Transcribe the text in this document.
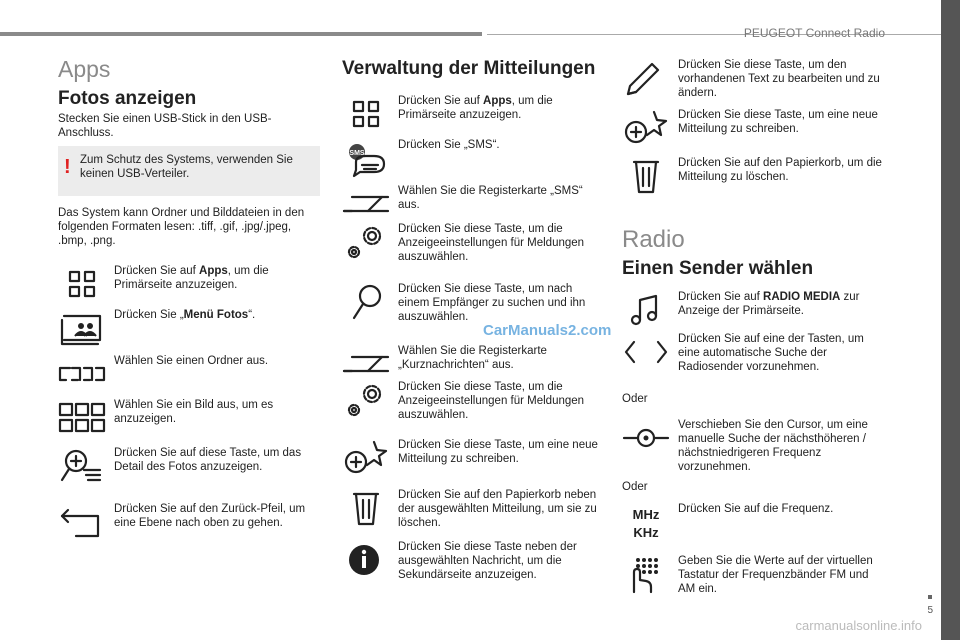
PEUGEOT Connect Radio
5
Apps
Fotos anzeigen
Stecken Sie einen USB-Stick in den USB-Anschluss.
! Zum Schutz des Systems, verwenden Sie keinen USB-Verteiler.
Das System kann Ordner und Bilddateien in den folgenden Formaten lesen: .tiff, .gif, .jpg/.jpeg, .bmp, .png.
Drücken Sie auf Apps, um die Primärseite anzuzeigen.
Drücken Sie „Menü Fotos“.
Wählen Sie einen Ordner aus.
Wählen Sie ein Bild aus, um es anzuzeigen.
Drücken Sie auf diese Taste, um das Detail des Fotos anzuzeigen.
Drücken Sie auf den Zurück-Pfeil, um eine Ebene nach oben zu gehen.
Verwaltung der Mitteilungen
Drücken Sie auf Apps, um die Primärseite anzuzeigen.
SMS
Drücken Sie „SMS“.
Wählen Sie die Registerkarte „SMS“ aus.
Drücken Sie diese Taste, um die Anzeigeeinstellungen für Meldungen auszuwählen.
Drücken Sie diese Taste, um nach einem Empfänger zu suchen und ihn auszuwählen.
Wählen Sie die Registerkarte „Kurznachrichten“ aus.
Drücken Sie diese Taste, um die Anzeigeeinstellungen für Meldungen auszuwählen.
Drücken Sie diese Taste, um eine neue Mitteilung zu schreiben.
Drücken Sie auf den Papierkorb neben der ausgewählten Mitteilung, um sie zu löschen.
Drücken Sie diese Taste neben der ausgewählten Nachricht, um die Sekundärseite anzuzeigen.
Drücken Sie diese Taste, um den vorhandenen Text zu bearbeiten und zu ändern.
Drücken Sie diese Taste, um eine neue Mitteilung zu schreiben.
Drücken Sie auf den Papierkorb, um die Mitteilung zu löschen.
Radio
Einen Sender wählen
Drücken Sie auf RADIO MEDIA zur Anzeige der Primärseite.
Drücken Sie auf eine der Tasten, um eine automatische Suche der Radiosender vorzunehmen.
Verschieben Sie den Cursor, um eine manuelle Suche der nächsthöheren / nächstniedrigeren Frequenz vorzunehmen.
MHz
KHz
Drücken Sie auf die Frequenz.
Geben Sie die Werte auf der virtuellen Tastatur der Frequenzbänder FM und AM ein.
Oder
Oder
CarManuals2.com
carmanualsonline.info
